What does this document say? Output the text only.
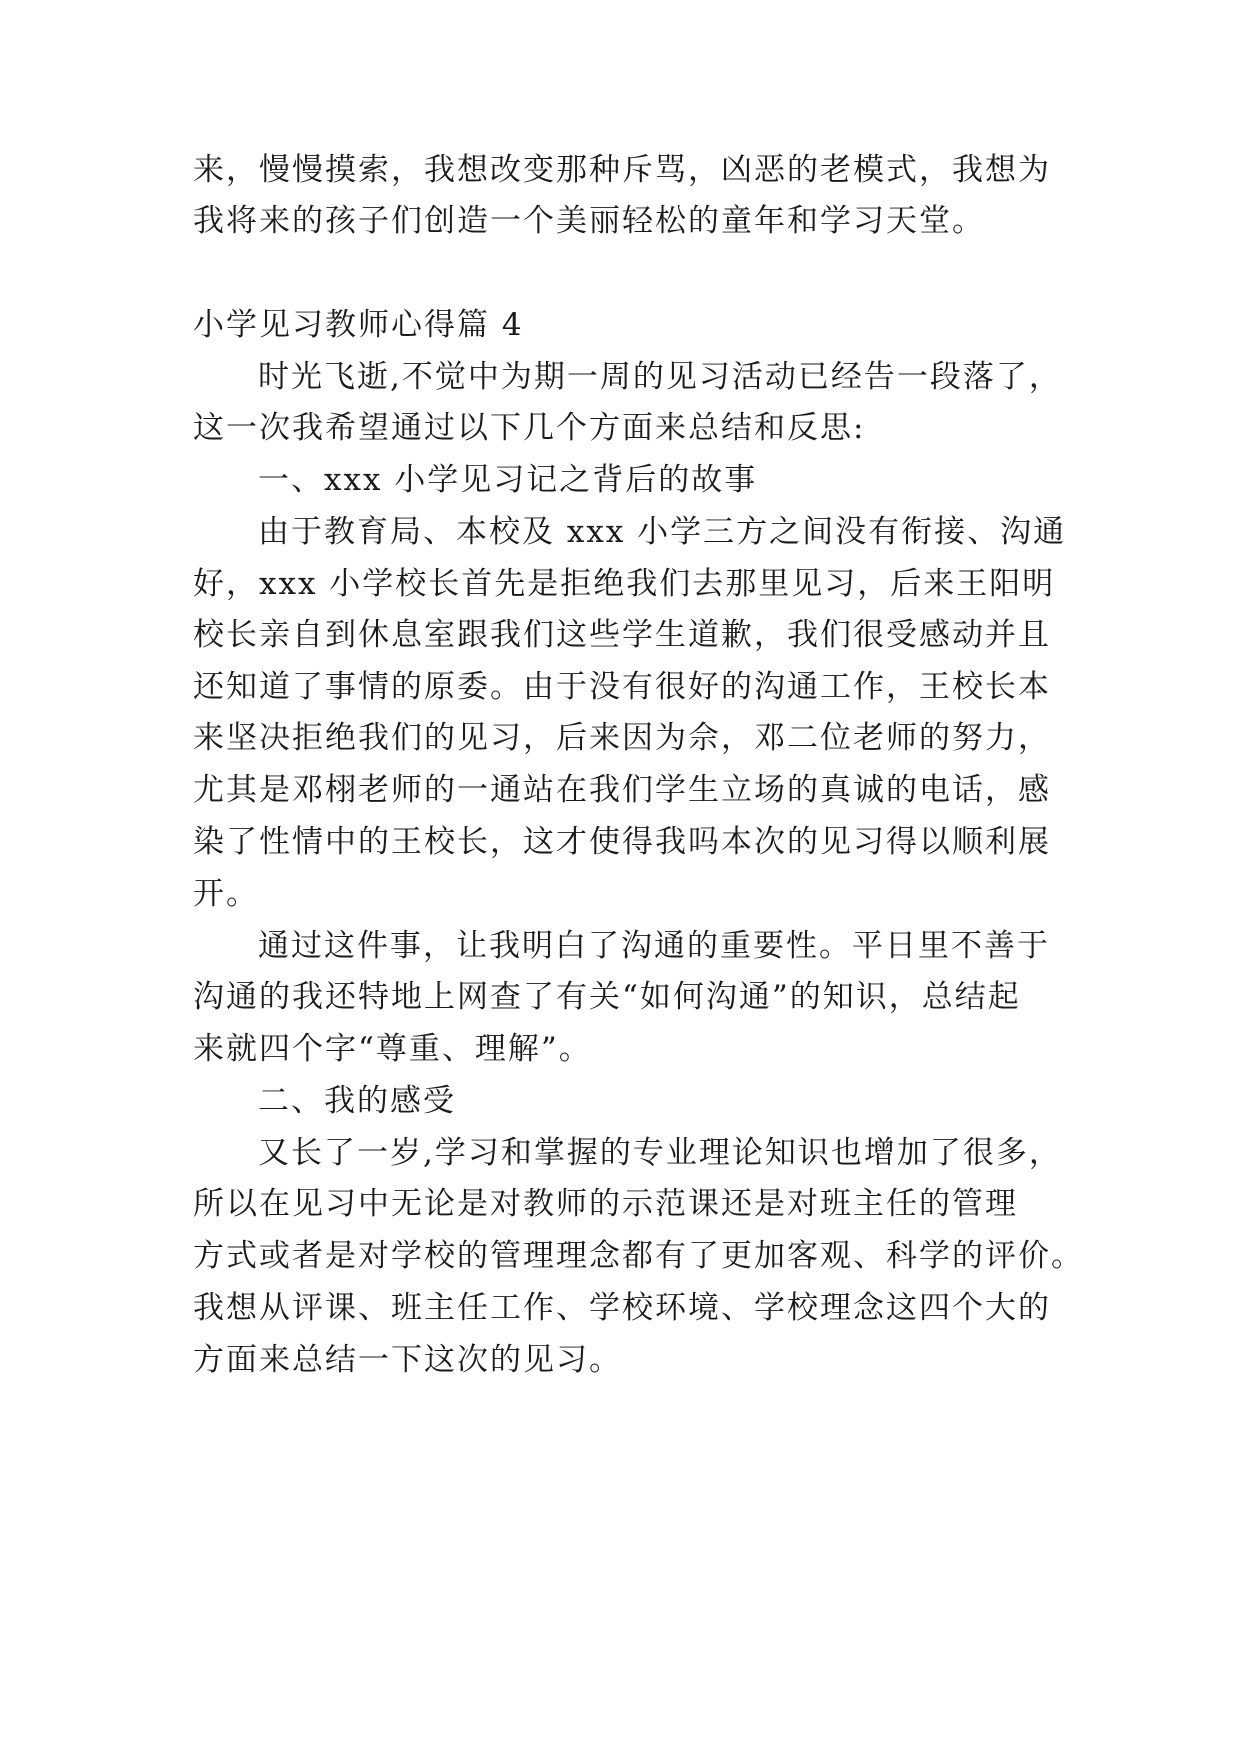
来，慢慢摸索，我想改变那种斥骂，凶恶的老模式，我想为
我将来的孩子们创造一个美丽轻松的童年和学习天堂。
小学见习教师心得篇 4
时光飞逝,不觉中为期一周的见习活动已经告一段落了，
这一次我希望通过以下几个方面来总结和反思:
一、xxx 小学见习记之背后的故事
由于教育局、本校及 xxx 小学三方之间没有衔接、沟通
好，xxx 小学校长首先是拒绝我们去那里见习，后来王阳明
校长亲自到休息室跟我们这些学生道歉，我们很受感动并且
还知道了事情的原委。由于没有很好的沟通工作，王校长本
来坚决拒绝我们的见习，后来因为佘，邓二位老师的努力，
尤其是邓栩老师的一通站在我们学生立场的真诚的电话，感
染了性情中的王校长，这才使得我吗本次的见习得以顺利展
开。
通过这件事，让我明白了沟通的重要性。平日里不善于
沟通的我还特地上网查了有关“如何沟通”的知识，总结起
来就四个字“尊重、理解”。
二、我的感受
又长了一岁,学习和掌握的专业理论知识也增加了很多，
所以在见习中无论是对教师的示范课还是对班主任的管理
方式或者是对学校的管理理念都有了更加客观、科学的评价。
我想从评课、班主任工作、学校环境、学校理念这四个大的
方面来总结一下这次的见习。
